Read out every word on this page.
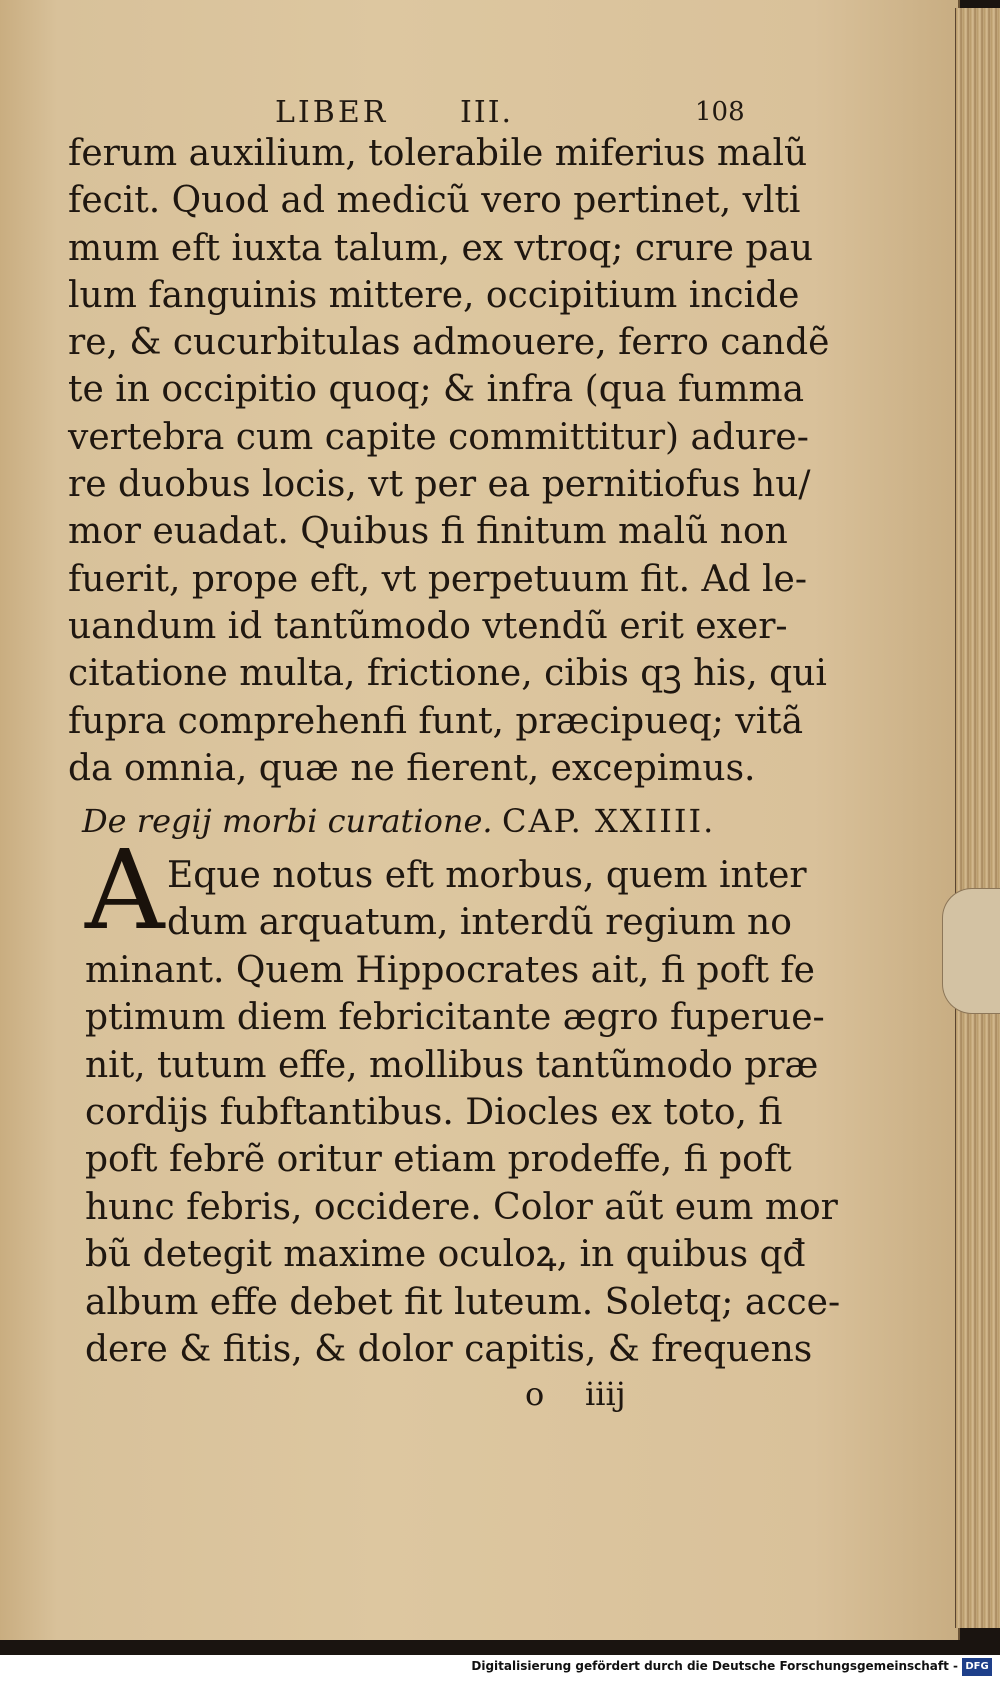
LIBER III.	108
ferum auxilium, tolerabile miferius malũ
fecit. Quod ad medicũ vero pertinet, vlti
mum eft iuxta talum, ex vtroq; crure pau
lum fanguinis mittere, occipitium incide
re, & cucurbitulas admouere, ferro candẽ
te in occipitio quoq; & infra (qua fumma
vertebra cum capite committitur) adure-
re duobus locis, vt per ea pernitiofus hu/
mor euadat. Quibus fi finitum malũ non
fuerit, prope eft, vt perpetuum fit. Ad le-
uandum id tantũmodo vtendũ erit exer-
citatione multa, frictione, cibis qꝫ his, qui
fupra comprehenfi funt, præcipueq; vitã
da omnia, quæ ne fierent, excepimus.
De regij morbi curatione. CAP. XXIIII.
A Eque notus eft morbus, quem inter
dum arquatum, interdũ regium no
minant. Quem Hippocrates ait, fi poft fe
ptimum diem febricitante ægro fuperue-
nit, tutum effe, mollibus tantũmodo præ
cordijs fubftantibus. Diocles ex toto, fi
poft febrẽ oritur etiam prodeffe, fi poft
hunc febris, occidere. Color aũt eum mor
bũ detegit maxime oculoꝝ, in quibus qđ
album effe debet fit luteum. Soletq; acce-
dere & fitis, & dolor capitis, & frequens
o iiij
Digitalisierung gefördert durch die Deutsche Forschungsgemeinschaft - DFG
